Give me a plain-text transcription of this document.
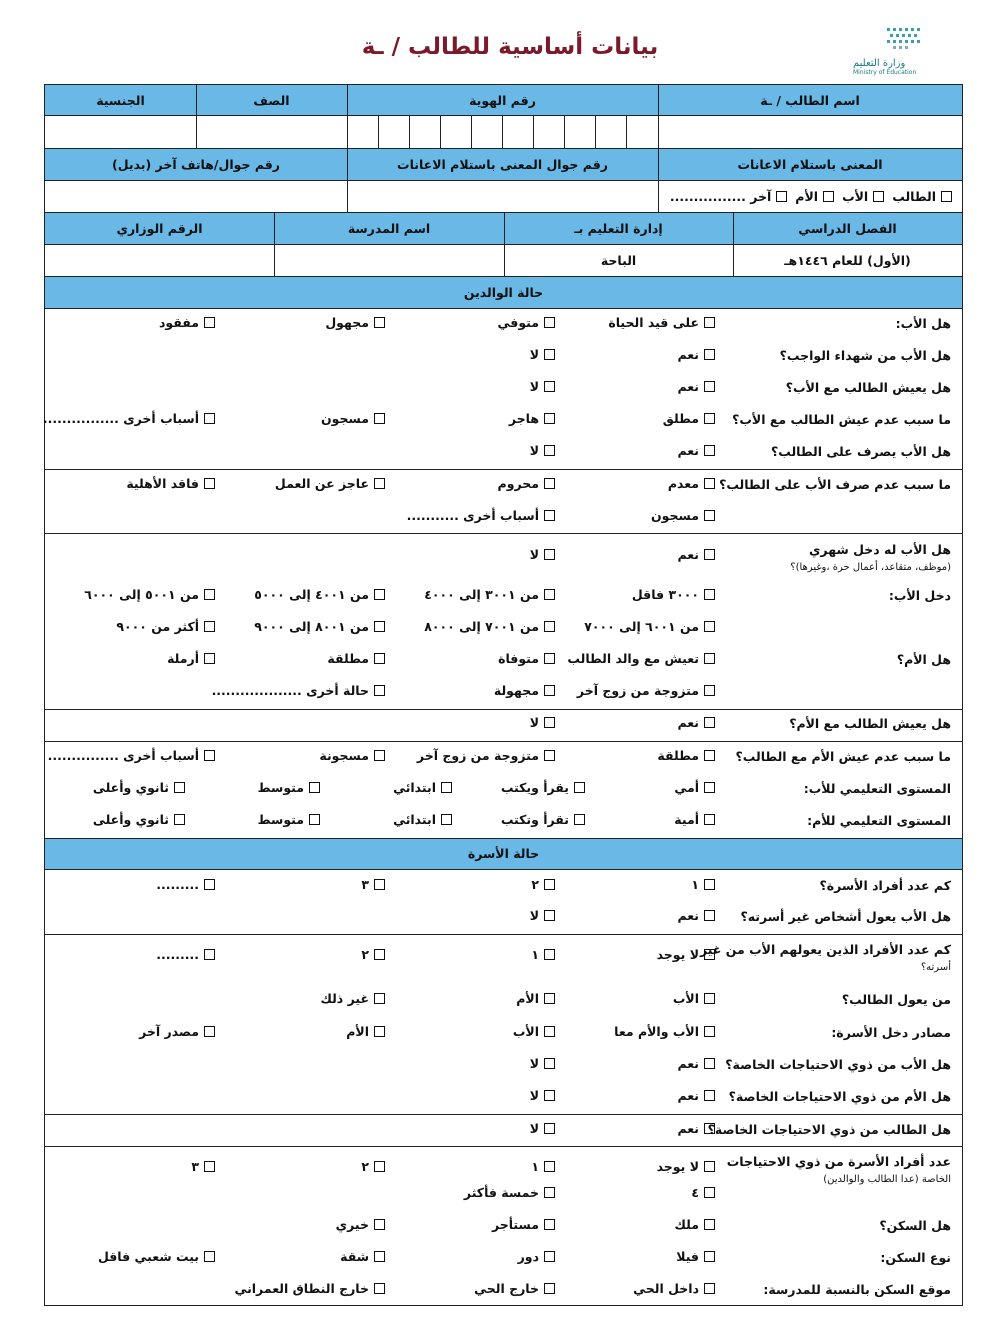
بيانات أساسية للطالب / ـة
وزارة التعليم
Ministry of Education
اسم الطالب / ـة
رقم الهوية
الصف
الجنسية
المعنى باستلام الاعانات
رقم جوال المعنى باستلام الاعانات
رقم جوال/هاتف آخر (بديل)
الطالب
الأب
الأم
آخر ................
الفصل الدراسي
إدارة التعليم بـ
اسم المدرسة
الرقم الوزاري
(الأول) للعام ١٤٤٦هـ
الباحة
حالة الوالدين
حالة الأسرة
هل الأب:
على قيد الحياة
متوفي
مجهول
مفقود
هل الأب من شهداء الواجب؟
نعم
لا
هل يعيش الطالب مع الأب؟
نعم
لا
ما سبب عدم عيش الطالب مع الأب؟
مطلق
هاجر
مسجون
أسباب أخرى ................
هل الأب يصرف على الطالب؟
نعم
لا
ما سبب عدم صرف الأب على الطالب؟
معدم
محروم
عاجز عن العمل
فاقد الأهلية
مسجون
أسباب أخرى ...........
هل الأب له دخل شهري
(موظف، متقاعد، أعمال حرة ،وغيرها)؟
نعم
لا
دخل الأب:
٣٠٠٠ فاقل
من ٣٠٠١ إلى ٤٠٠٠
من ٤٠٠١ إلى ٥٠٠٠
من ٥٠٠١ إلى ٦٠٠٠
من ٦٠٠١ إلى ٧٠٠٠
من ٧٠٠١ إلى ٨٠٠٠
من ٨٠٠١ إلى ٩٠٠٠
أكثر من ٩٠٠٠
هل الأم؟
تعيش مع والد الطالب
متوفاة
مطلقة
أرملة
متزوجة من زوج آخر
مجهولة
حالة أخرى ...................
هل يعيش الطالب مع الأم؟
نعم
لا
ما سبب عدم عيش الأم مع الطالب؟
مطلقة
متزوجة من زوج آخر
مسجونة
أسباب أخرى ...............
المستوى التعليمي للأب:
أمي
يقرأ ويكتب
ابتدائي
متوسط
ثانوي وأعلى
المستوى التعليمي للأم:
أمية
تقرأ وتكتب
ابتدائي
متوسط
ثانوي وأعلى
كم عدد أفراد الأسرة؟
١
٢
٣
.........
هل الأب يعول أشخاص غير أسرته؟
نعم
لا
كم عدد الأفراد الذين يعولهم الأب من غير
أسرته؟
لا يوجد
١
٢
.........
من يعول الطالب؟
الأب
الأم
غير ذلك
مصادر دخل الأسرة:
الأب والأم معا
الأب
الأم
مصدر آخر
هل الأب من ذوي الاحتياجات الخاصة؟
نعم
لا
هل الأم من ذوي الاحتياجات الخاصة؟
نعم
لا
هل الطالب من ذوي الاحتياجات الخاصة؟
نعم
لا
عدد أفراد الأسرة من ذوي الاحتياجات
الخاصة (عدا الطالب والوالدين)
لا يوجد
١
٢
٣
٤
خمسة فأكثر
هل السكن؟
ملك
مستأجر
خيري
نوع السكن:
فيلا
دور
شقة
بيت شعبي فاقل
موقع السكن بالنسبة للمدرسة:
داخل الحي
خارج الحي
خارج النطاق العمراني
